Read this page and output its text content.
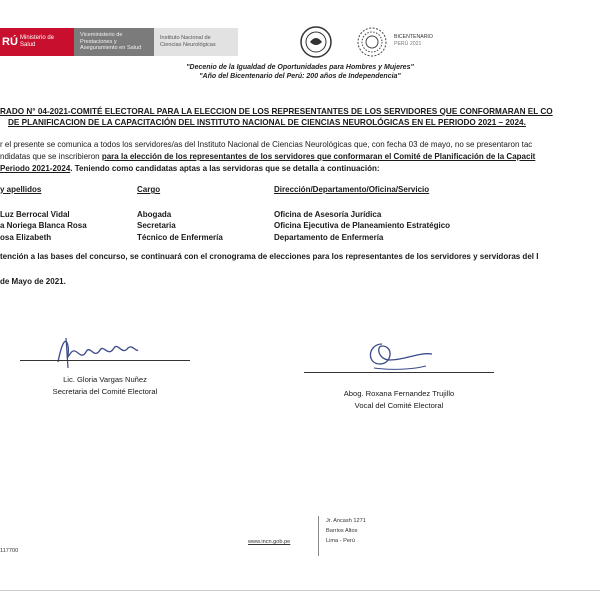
RÚ Ministerio de Salud
Viceministerio de Prestaciones y Aseguramiento en Salud
Instituto Nacional de Ciencias Neurológicas
BICENTENARIO
PERÚ 2021
"Decenio de la Igualdad de Oportunidades para Hombres y Mujeres"
"Año del Bicentenario del Perú: 200 años de Independencia"
RADO N° 04-2021-COMITÉ ELECTORAL PARA LA ELECCION DE LOS REPRESENTANTES DE LOS SERVIDORES QUE CONFORMARAN EL CO
DE PLANIFICACION DE LA CAPACITACIÓN DEL INSTITUTO NACIONAL DE CIENCIAS NEUROLÓGICAS EN EL PERIODO 2021 – 2024.
r el presente se comunica a todos los servidores/as del Instituto Nacional de Ciencias Neurológicas que, con fecha 03 de mayo, no se presentaron tac
ndidatas que se inscribieron para la elección de los representantes de los servidores que conformaran el Comité de Planificación de la Capacit
Periodo 2021-2024. Teniendo como candidatas aptas a las servidoras que se detalla a continuación:
y apellidos	Cargo	Dirección/Departamento/Oficina/Servicio
Luz Berrocal Vidal	Abogada	Oficina de Asesoría Jurídica
a Noriega Blanca Rosa	Secretaria	Oficina Ejecutiva de Planeamiento Estratégico
osa Elizabeth	Técnico de Enfermería	Departamento de Enfermería
tención a las bases del concurso, se continuará con el cronograma de elecciones para los representantes de los servidores y servidoras del I
de Mayo de 2021.
Lic. Gloria Vargas Nuñez
Secretaria del Comité Electoral	Abog. Roxana Fernandez Trujillo
Vocal del Comité Electoral
117700
www.incn.gob.pe
Jr. Ancash 1271
Barrios Altos
Lima - Perú
